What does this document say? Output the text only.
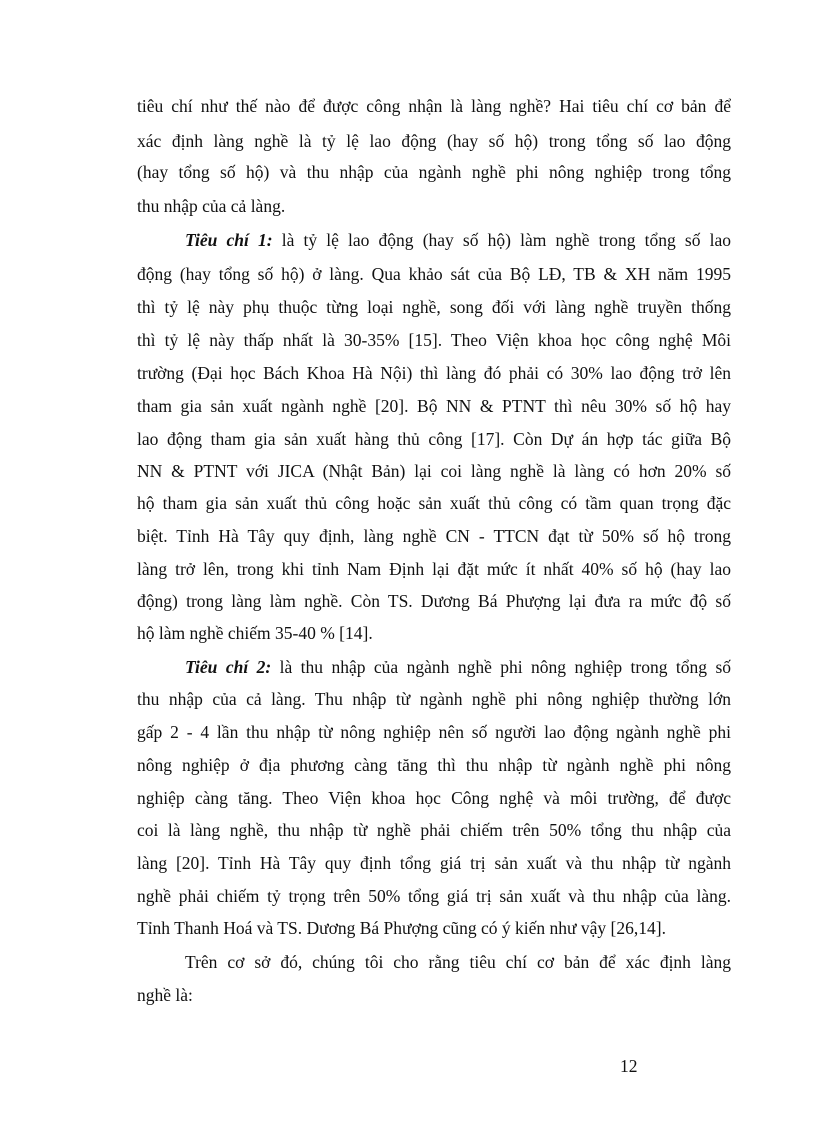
tiêu chí như thế nào để được công nhận là làng nghề? Hai tiêu chí cơ bản để
xác định làng nghề là tỷ lệ lao động (hay số hộ) trong tổng số lao động
(hay tổng số hộ) và thu nhập của ngành nghề phi nông nghiệp trong tổng
thu nhập của cả làng.
Tiêu chí 1: là tỷ lệ lao động (hay số hộ) làm nghề trong tổng số lao
động (hay tổng số hộ) ở làng. Qua khảo sát của Bộ LĐ, TB & XH năm 1995
thì tỷ lệ này phụ thuộc từng loại nghề, song đối với làng nghề truyền thống
thì tỷ lệ này thấp nhất là 30-35% [15]. Theo Viện khoa học công nghệ Môi
trường (Đại học Bách Khoa Hà Nội) thì làng đó phải có 30% lao động trở lên
tham gia sản xuất ngành nghề [20]. Bộ NN & PTNT thì nêu 30% số hộ hay
lao động tham gia sản xuất hàng thủ công [17]. Còn Dự án hợp tác giữa Bộ
NN & PTNT với JICA (Nhật Bản) lại coi làng nghề là làng có hơn 20% số
hộ tham gia sản xuất thủ công hoặc sản xuất thủ công có tầm quan trọng đặc
biệt. Tỉnh Hà Tây quy định, làng nghề CN - TTCN đạt từ 50% số hộ trong
làng trở lên, trong khi tỉnh Nam Định lại đặt mức ít nhất 40% số hộ (hay lao
động) trong làng làm nghề. Còn TS. Dương Bá Phượng lại đưa ra mức độ số
hộ làm nghề chiếm 35-40 % [14].
Tiêu chí 2: là thu nhập của ngành nghề phi nông nghiệp trong tổng số
thu nhập của cả làng. Thu nhập từ ngành nghề phi nông nghiệp thường lớn
gấp 2 - 4 lần thu nhập từ nông nghiệp nên số người lao động ngành nghề phi
nông nghiệp ở địa phương càng tăng thì thu nhập từ ngành nghề phi nông
nghiệp càng tăng. Theo Viện khoa học Công nghệ và môi trường, để được
coi là làng nghề, thu nhập từ nghề phải chiếm trên 50% tổng thu nhập của
làng [20]. Tỉnh Hà Tây quy định tổng giá trị sản xuất và thu nhập từ ngành
nghề phải chiếm tỷ trọng trên 50% tổng giá trị sản xuất và thu nhập của làng.
Tỉnh Thanh Hoá và TS. Dương Bá Phượng cũng có ý kiến như vậy [26,14].
Trên cơ sở đó, chúng tôi cho rằng tiêu chí cơ bản để xác định làng
nghề là:
12
